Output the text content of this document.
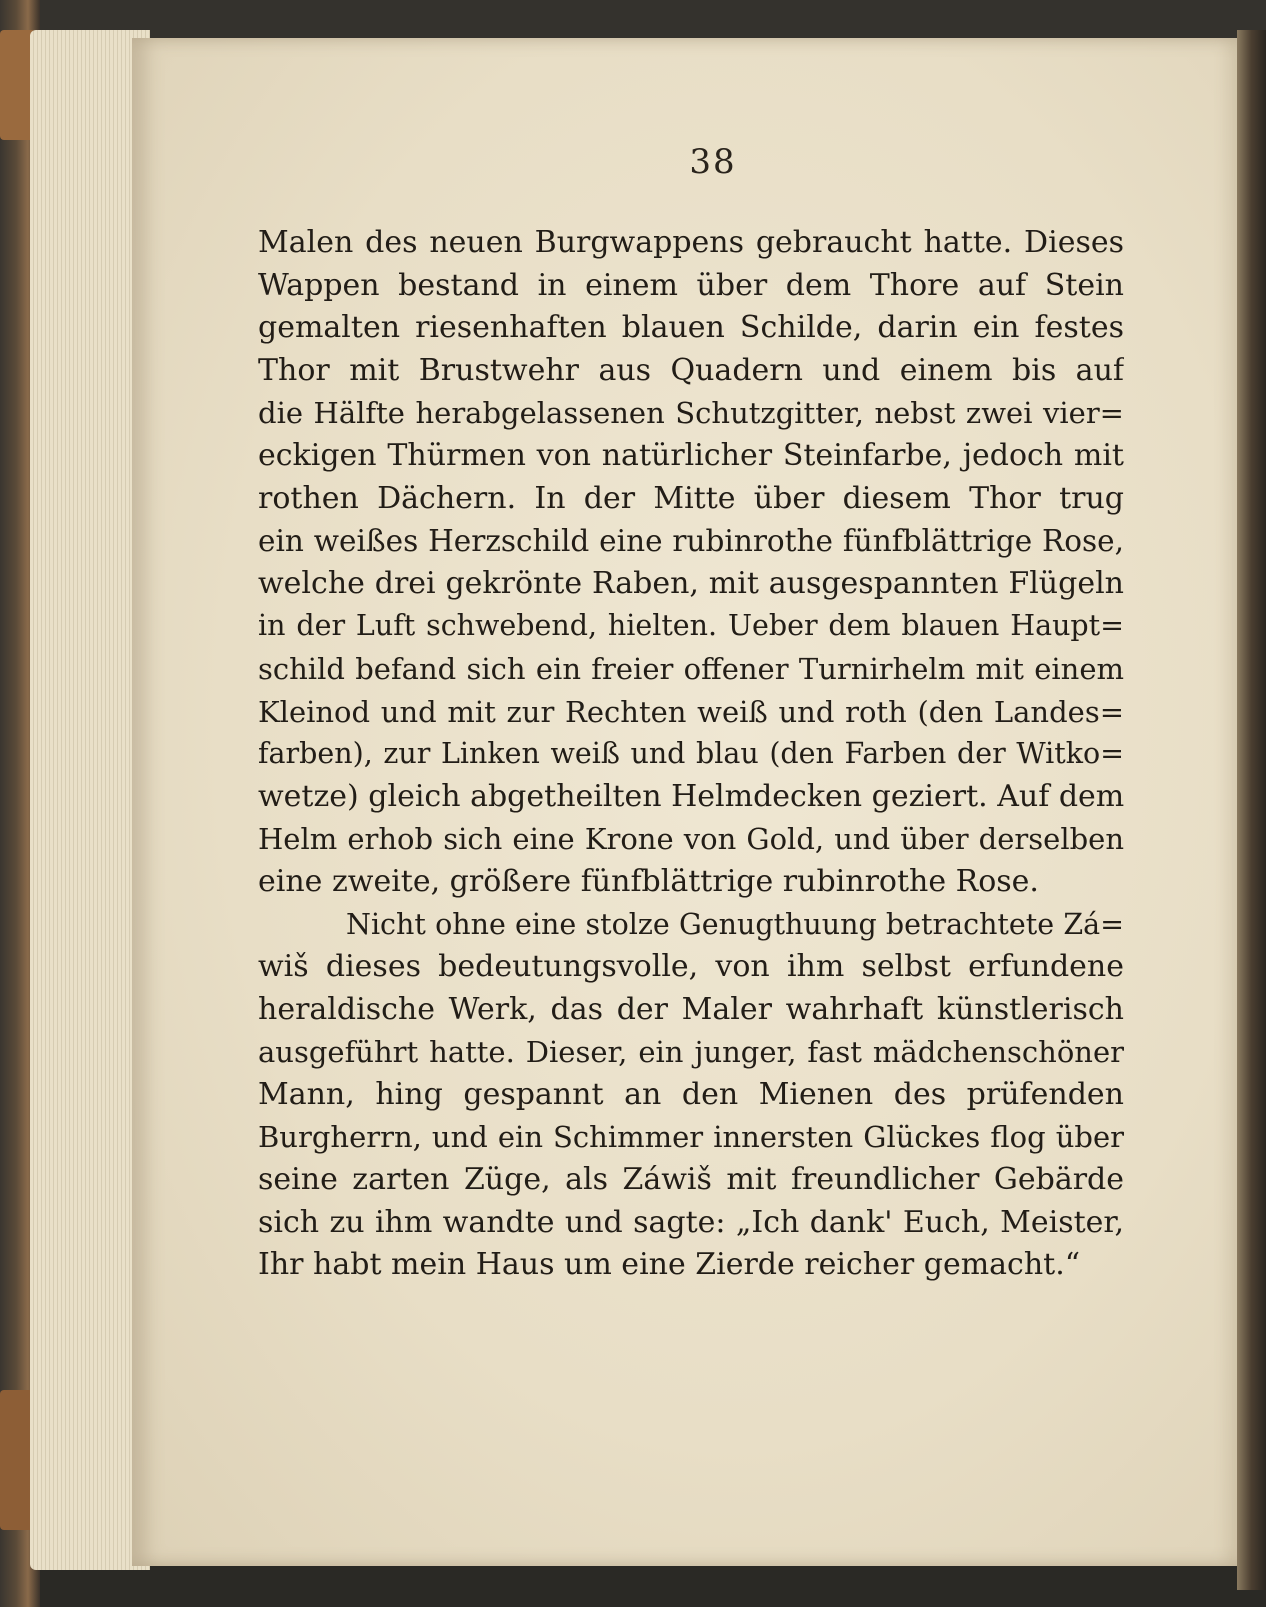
38
Malen des neuen Burgwappens gebraucht hatte. Dieses
Wappen bestand in einem über dem Thore auf Stein
gemalten riesenhaften blauen Schilde, darin ein festes
Thor mit Brustwehr aus Quadern und einem bis auf
die Hälfte herabgelassenen Schutzgitter, nebst zwei vier=
eckigen Thürmen von natürlicher Steinfarbe, jedoch mit
rothen Dächern. In der Mitte über diesem Thor trug
ein weißes Herzschild eine rubinrothe fünfblättrige Rose,
welche drei gekrönte Raben, mit ausgespannten Flügeln
in der Luft schwebend, hielten. Ueber dem blauen Haupt=
schild befand sich ein freier offener Turnirhelm mit einem
Kleinod und mit zur Rechten weiß und roth (den Landes=
farben), zur Linken weiß und blau (den Farben der Witko=
wetze) gleich abgetheilten Helmdecken geziert. Auf dem
Helm erhob sich eine Krone von Gold, und über derselben
eine zweite, größere fünfblättrige rubinrothe Rose.
Nicht ohne eine stolze Genugthuung betrachtete Zá=
wiš dieses bedeutungsvolle, von ihm selbst erfundene
heraldische Werk, das der Maler wahrhaft künstlerisch
ausgeführt hatte. Dieser, ein junger, fast mädchenschöner
Mann, hing gespannt an den Mienen des prüfenden
Burgherrn, und ein Schimmer innersten Glückes flog über
seine zarten Züge, als Záwiš mit freundlicher Gebärde
sich zu ihm wandte und sagte: „Ich dank' Euch, Meister,
Ihr habt mein Haus um eine Zierde reicher gemacht.“
